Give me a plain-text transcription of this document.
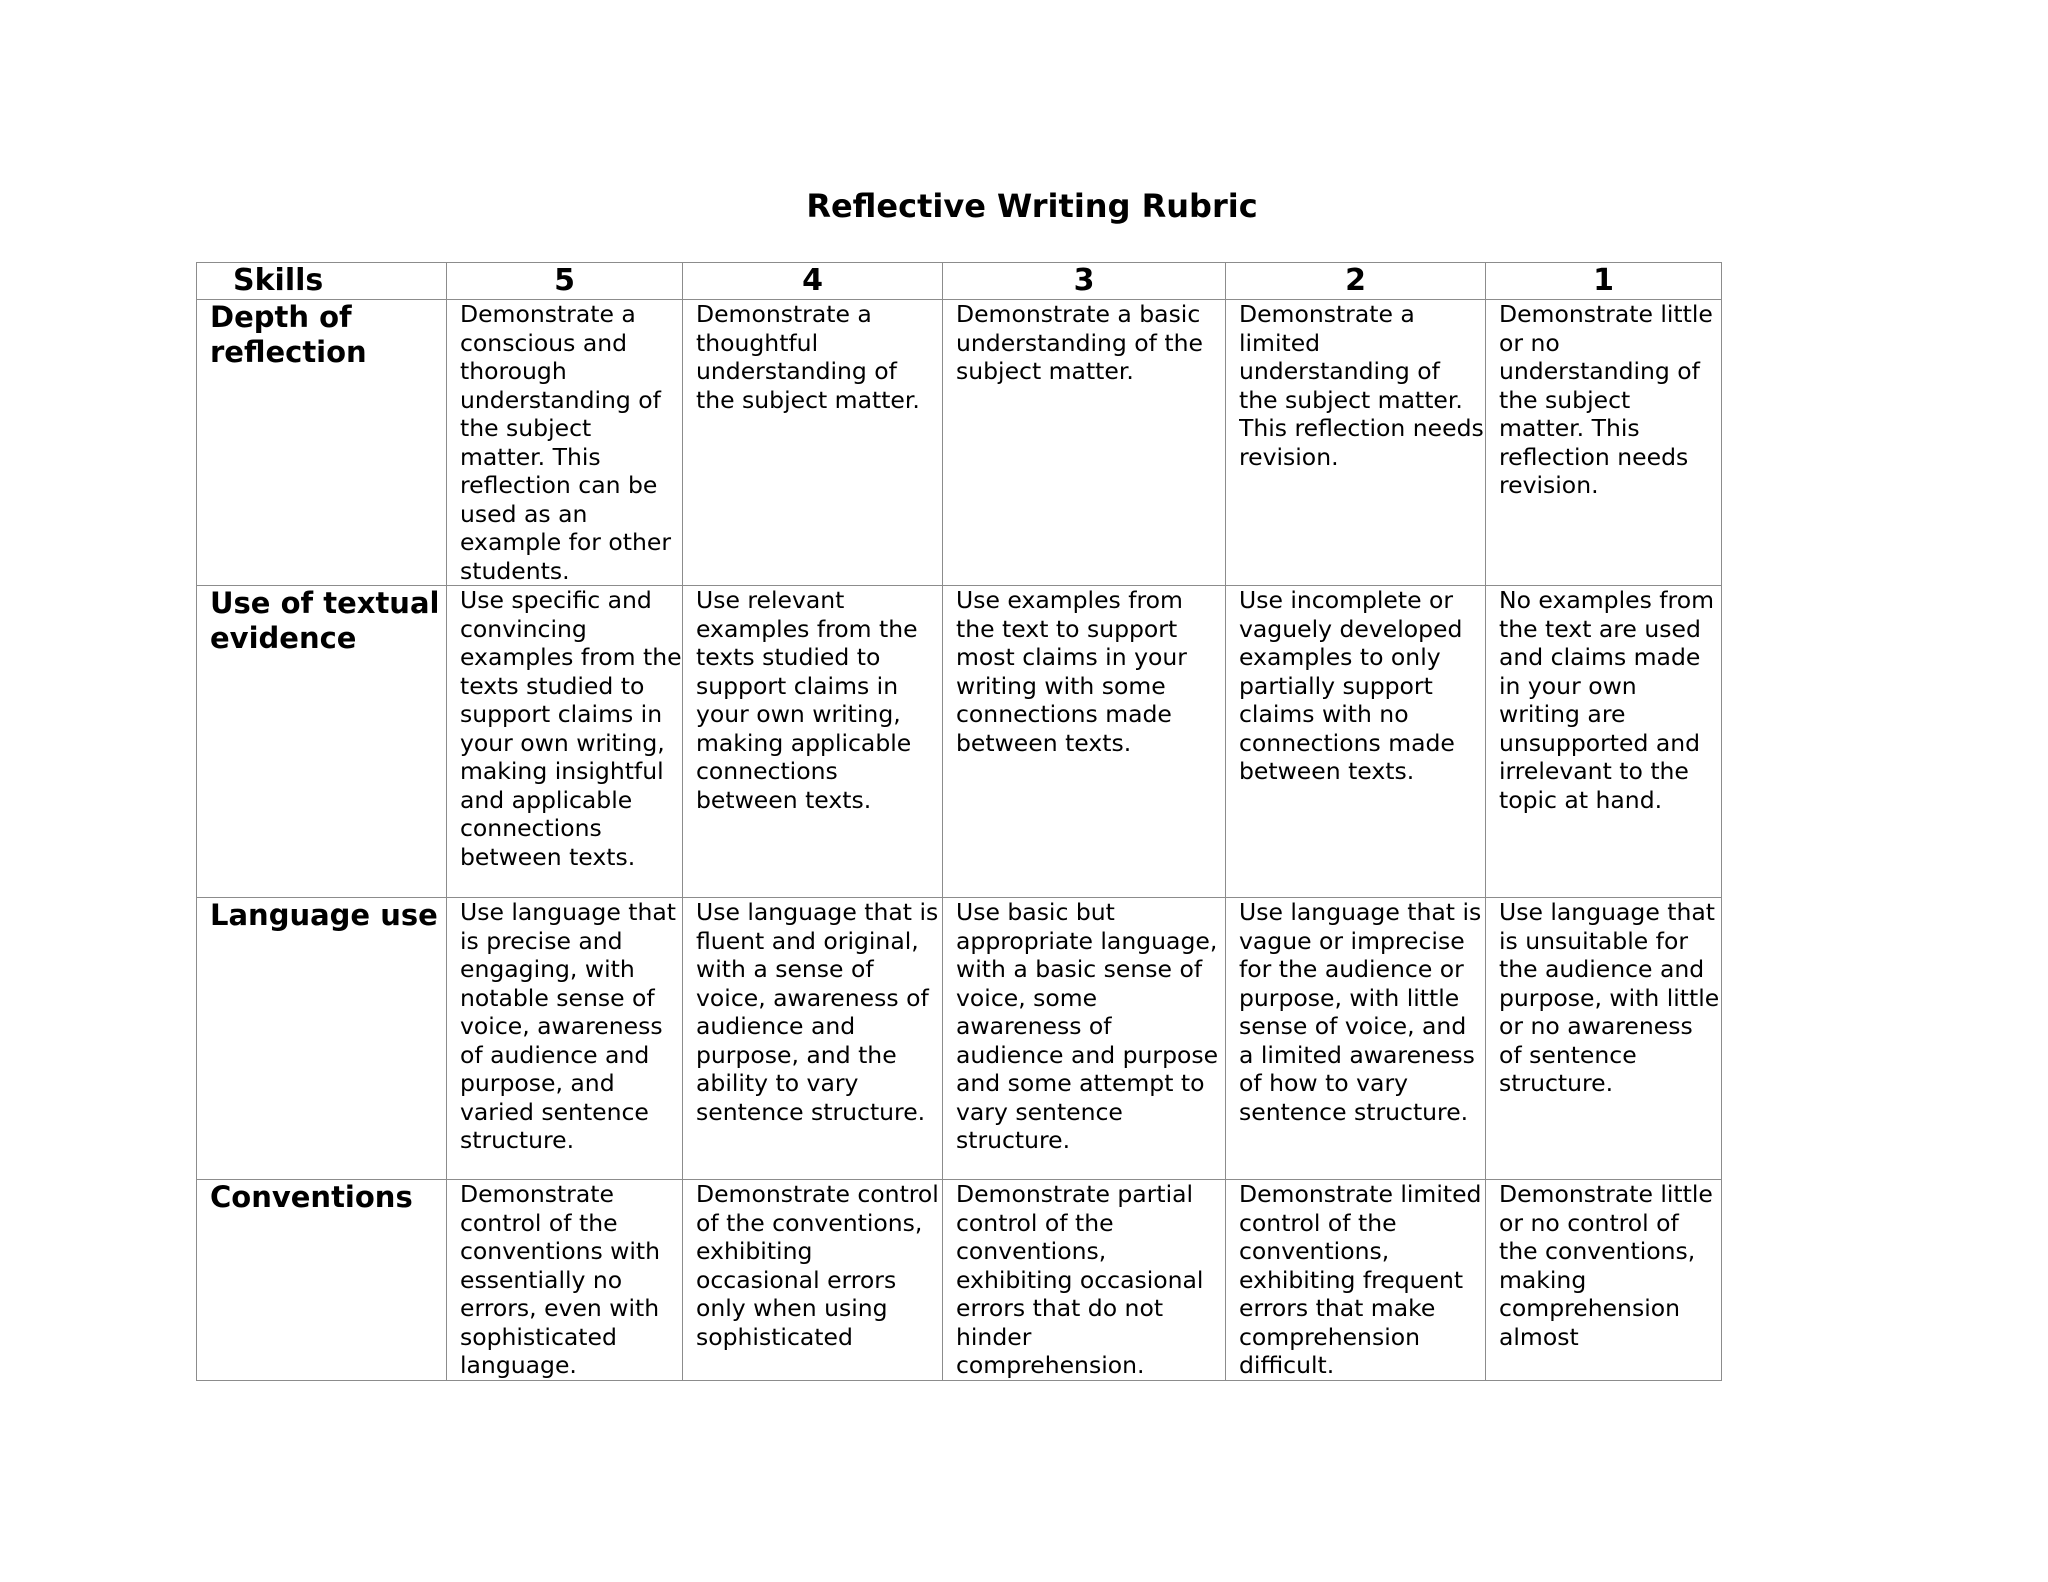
Reflective Writing Rubric
Skills	5	4	3	2	1

Depth of reflection	Demonstrate a conscious and thorough understanding of the subject matter. This reflection can be used as an example for other students.	Demonstrate a thoughtful understanding of the subject matter.	Demonstrate a basic understanding of the subject matter.	Demonstrate a limited understanding of the subject matter. This reflection needs revision.	Demonstrate little or no understanding of the subject matter. This reflection needs revision.

Use of textual evidence	Use specific and convincing examples from the texts studied to support claims in your own writing, making insightful and applicable connections between texts.	Use relevant examples from the texts studied to support claims in your own writing, making applicable connections between texts.	Use examples from the text to support most claims in your writing with some connections made between texts.	Use incomplete or vaguely developed examples to only partially support claims with no connections made between texts.	No examples from the text are used and claims made in your own writing are unsupported and irrelevant to the topic at hand.

Language use	Use language that is precise and engaging, with notable sense of voice, awareness of audience and purpose, and varied sentence structure.	Use language that is fluent and original, with a sense of voice, awareness of audience and purpose, and the ability to vary sentence structure.	Use basic but appropriate language, with a basic sense of voice, some awareness of audience and purpose and some attempt to vary sentence structure.	Use language that is vague or imprecise for the audience or purpose, with little sense of voice, and a limited awareness of how to vary sentence structure.	Use language that is unsuitable for the audience and purpose, with little or no awareness of sentence structure.

Conventions	Demonstrate control of the conventions with essentially no errors, even with sophisticated language.	Demonstrate control of the conventions, exhibiting occasional errors only when using sophisticated	Demonstrate partial control of the conventions, exhibiting occasional errors that do not hinder comprehension.	Demonstrate limited control of the conventions, exhibiting frequent errors that make comprehension difficult.	Demonstrate little or no control of the conventions, making comprehension almost
